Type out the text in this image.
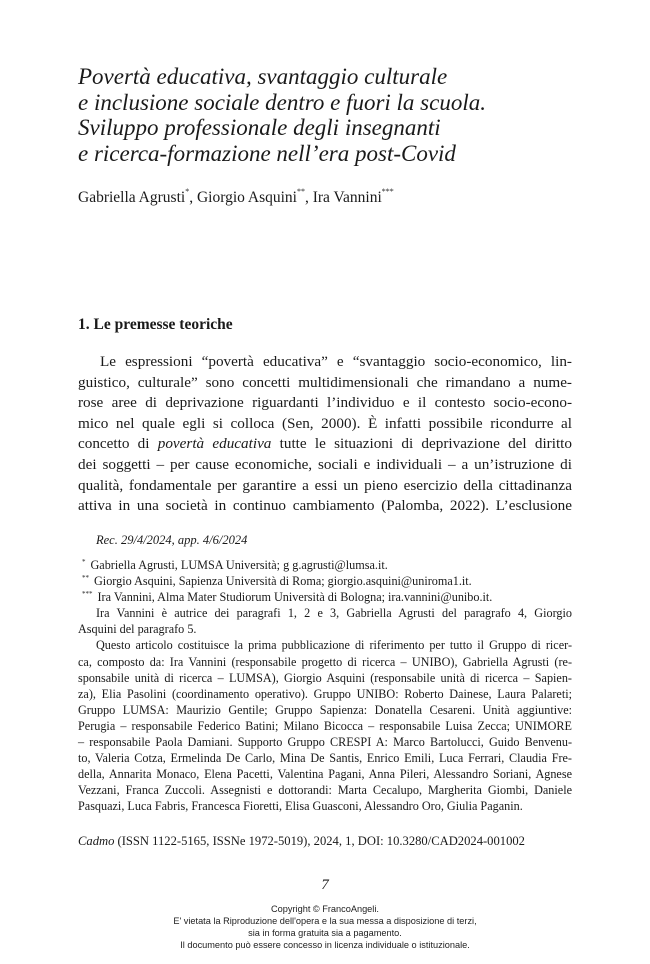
Povertà educativa, svantaggio culturale
e inclusione sociale dentro e fuori la scuola.
Sviluppo professionale degli insegnanti
e ricerca-formazione nell’era post-Covid
Gabriella Agrusti*, Giorgio Asquini**, Ira Vannini***
1. Le premesse teoriche
Le espressioni “povertà educativa” e “svantaggio socio-economico, lin-
guistico, culturale” sono concetti multidimensionali che rimandano a nume-
rose aree di deprivazione riguardanti l’individuo e il contesto socio-econo-
mico nel quale egli si colloca (Sen, 2000). È infatti possibile ricondurre al
concetto di povertà educativa tutte le situazioni di deprivazione del diritto
dei soggetti – per cause economiche, sociali e individuali – a un’istruzione di
qualità, fondamentale per garantire a essi un pieno esercizio della cittadinanza
attiva in una società in continuo cambiamento (Palomba, 2022). L’esclusione
Rec. 29/4/2024, app. 4/6/2024
* Gabriella Agrusti, LUMSA Università; g g.agrusti@lumsa.it.
** Giorgio Asquini, Sapienza Università di Roma; giorgio.asquini@uniroma1.it.
*** Ira Vannini, Alma Mater Studiorum Università di Bologna; ira.vannini@unibo.it.
Ira Vannini è autrice dei paragrafi 1, 2 e 3, Gabriella Agrusti del paragrafo 4, Giorgio
Asquini del paragrafo 5.
Questo articolo costituisce la prima pubblicazione di riferimento per tutto il Gruppo di ricer-
ca, composto da: Ira Vannini (responsabile progetto di ricerca – UNIBO), Gabriella Agrusti (re-
sponsabile unità di ricerca – LUMSA), Giorgio Asquini (responsabile unità di ricerca – Sapien-
za), Elia Pasolini (coordinamento operativo). Gruppo UNIBO: Roberto Dainese, Laura Palareti;
Gruppo LUMSA: Maurizio Gentile; Gruppo Sapienza: Donatella Cesareni. Unità aggiuntive:
Perugia – responsabile Federico Batini; Milano Bicocca – responsabile Luisa Zecca; UNIMORE
– responsabile Paola Damiani. Supporto Gruppo CRESPI A: Marco Bartolucci, Guido Benvenu-
to, Valeria Cotza, Ermelinda De Carlo, Mina De Santis, Enrico Emili, Luca Ferrari, Claudia Fre-
della, Annarita Monaco, Elena Pacetti, Valentina Pagani, Anna Pileri, Alessandro Soriani, Agnese
Vezzani, Franca Zuccoli. Assegnisti e dottorandi: Marta Cecalupo, Margherita Giombi, Daniele
Pasquazi, Luca Fabris, Francesca Fioretti, Elisa Guasconi, Alessandro Oro, Giulia Paganin.
Cadmo (ISSN 1122-5165, ISSNe 1972-5019), 2024, 1, DOI: 10.3280/CAD2024-001002
7
Copyright © FrancoAngeli.
E' vietata la Riproduzione dell'opera e la sua messa a disposizione di terzi,
sia in forma gratuita sia a pagamento.
Il documento può essere concesso in licenza individuale o istituzionale.
